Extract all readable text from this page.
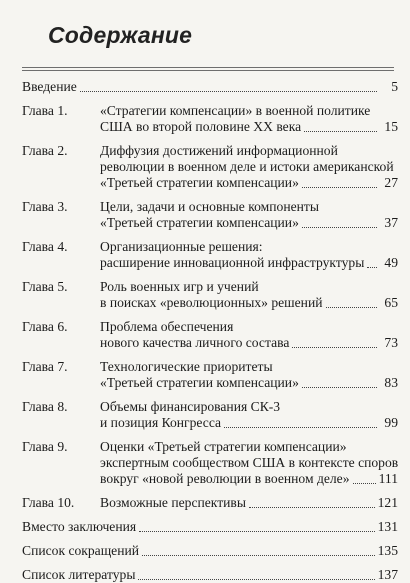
Содержание
Введение	5
Глава 1.	«Стратегии компенсации» в военной политике
США во второй половине XX века	15
Глава 2.	Диффузия достижений информационной
революции в военном деле и истоки американской
«Третьей стратегии компенсации»	27
Глава 3.	Цели, задачи и основные компоненты
«Третьей стратегии компенсации»	37
Глава 4.	Организационные решения:
расширение инновационной инфраструктуры	49
Глава 5.	Роль военных игр и учений
в поисках «революционных» решений	65
Глава 6.	Проблема обеспечения
нового качества личного состава	73
Глава 7.	Технологические приоритеты
«Третьей стратегии компенсации»	83
Глава 8.	Объемы финансирования СК-3
и позиция Конгресса	99
Глава 9.	Оценки «Третьей стратегии компенсации»
экспертным сообществом США в контексте споров
вокруг «новой революции в военном деле» 111
Глава 10.	Возможные перспективы	121
Вместо заключения	131
Список сокращений	135
Список литературы	137
